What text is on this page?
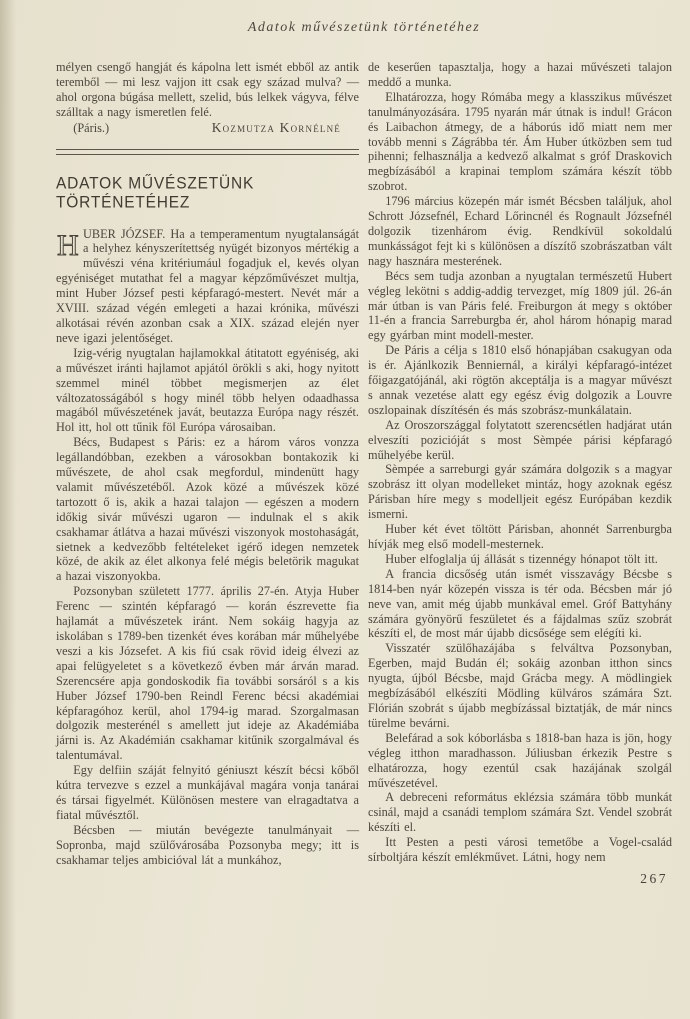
Adatok művészetünk történetéhez

mélyen csengő hangját és kápolna lett ismét ebből az antik teremből — mi lesz vajjon itt csak egy század mulva? — ahol orgona búgása mellett, szelid, bús lelkek vágyva, félve szálltak a nagy ismeretlen felé.

(Páris.)	Kozmutza Kornélné
ADATOK MŰVÉSZETÜNK TÖRTÉNETÉHEZ

H UBER JÓZSEF. Ha a temperamentum nyugtalanságát a helyhez kényszerítettség nyügét bizonyos mértékig a művészi véna kritériumául fogadjuk el, kevés olyan egyéniséget mutathat fel a magyar képzőművészet multja, mint Huber József pesti képfaragó-mestert. Nevét már a XVIII. század végén emlegeti a hazai krónika, művészi alkotásai révén azonban csak a XIX. század elején nyer neve igazi jelentőséget.

Izig-vérig nyugtalan hajlamokkal átitatott egyéniség, aki a művészet iránti hajlamot apjától örökli s aki, hogy nyitott szemmel minél többet megismerjen az élet változatosságából s hogy minél több helyen odaadhassa magából művészetének javát, beutazza Európa nagy részét. Hol itt, hol ott tűnik föl Európa városaiban.

Bécs, Budapest s Páris: ez a három város vonzza legállandóbban, ezekben a városokban bontakozik ki művészete, de ahol csak megfordul, mindenütt hagy valamit művészetéből. Azok közé a művészek közé tartozott ő is, akik a hazai talajon — egészen a modern időkig sivár művészi ugaron — indulnak el s akik csakhamar átlátva a hazai művészi viszonyok mostohaságát, sietnek a kedvezőbb feltételeket igérő idegen nemzetek közé, de akik az élet alkonya felé mégis beletörik magukat a hazai viszonyokba.

Pozsonyban született 1777. április 27-én. Atyja Huber Ferenc — szintén képfaragó — korán észrevette fia hajlamát a művészetek iránt. Nem sokáig hagyja az iskolában s 1789-ben tizenkét éves korában már műhelyébe veszi a kis Józsefet. A kis fiú csak rövid ideig élvezi az apai felügyeletet s a következő évben már árván marad. Szerencsére apja gondoskodik fia további sorsáról s a kis Huber József 1790-ben Reindl Ferenc bécsi akadémiai képfaragóhoz kerül, ahol 1794-ig marad. Szorgalmasan dolgozik mesterénél s amellett jut ideje az Akadémiába járni is. Az Akadémián csakhamar kitűnik szorgalmával és talentumával.

Egy delfiin száját felnyitó géniuszt készít bécsi kőből kútra tervezve s ezzel a munkájával magára vonja tanárai és társai figyelmét. Különösen mestere van elragadtatva a fiatal művésztől.

Bécsben — miután bevégezte tanulmányait — Sopronba, majd szülővárosába Pozsonyba megy; itt is csakhamar teljes ambicióval lát a munkához,

de keserűen tapasztalja, hogy a hazai művészeti talajon meddő a munka.

Elhatározza, hogy Rómába megy a klasszikus művészet tanulmányozására. 1795 nyarán már útnak is indul! Grácon és Laibachon átmegy, de a háborús idő miatt nem mer tovább menni s Zágrábba tér. Ám Huber útközben sem tud pihenni; felhasználja a kedvező alkalmat s gróf Draskovich megbízásából a krapinai templom számára készít több szobrot.

1796 március közepén már ismét Bécsben találjuk, ahol Schrott Józsefnél, Echard Lőrincnél és Rognault Józsefnél dolgozik tizenhárom évig. Rendkívül sokoldalú munkásságot fejt ki s különösen a díszítő szobrászatban vált nagy hasznára mesterének.

Bécs sem tudja azonban a nyugtalan természetű Hubert végleg lekötni s addig-addig tervezget, míg 1809 júl. 26-án már útban is van Páris felé. Freiburgon át megy s október 11-én a francia Sarreburgba ér, ahol három hónapig marad egy gyárban mint modell-mester.

De Páris a célja s 1810 első hónapjában csakugyan oda is ér. Ajánlkozik Benniernál, a királyi képfaragó-intézet főigazgatójánál, aki rögtön akceptálja is a magyar művészt s annak vezetése alatt egy egész évig dolgozik a Louvre oszlopainak díszítésén és más szobrász-munkálatain.

Az Oroszországgal folytatott szerencsétlen hadjárat után elveszíti pozicióját s most Sèmpée párisi képfaragó műhelyébe kerül.

Sèmpée a sarreburgi gyár számára dolgozik s a magyar szobrász itt olyan modelleket mintáz, hogy azoknak egész Párisban híre megy s modelljeit egész Európában kezdik ismerni.

Huber két évet töltött Párisban, ahonnét Sarrenburgba hívják meg első modell-mesternek.

Huber elfoglalja új állását s tizennégy hónapot tölt itt.

A francia dicsőség után ismét visszavágy Bécsbe s 1814-ben nyár közepén vissza is tér oda. Bécsben már jó neve van, amit még újabb munkával emel. Gróf Battyhány számára gyönyörű feszületet és a fájdalmas szűz szobrát készíti el, de most már újabb dicsősége sem elégíti ki.

Visszatér szülőhazájába s felváltva Pozsonyban, Egerben, majd Budán él; sokáig azonban itthon sincs nyugta, újból Bécsbe, majd Grácba megy. A mödlingiek megbízásából elkészíti Mödling külváros számára Szt. Flórián szobrát s újabb megbízással biztatják, de már nincs türelme bevárni.

Belefárad a sok kóborlásba s 1818-ban haza is jön, hogy végleg itthon maradhasson. Júliusban érkezik Pestre s elhatározza, hogy ezentúl csak hazájának szolgál művészetével.

A debreceni református eklézsia számára több munkát csinál, majd a csanádi templom számára Szt. Vendel szobrát készíti el.

Itt Pesten a pesti városi temetőbe a Vogel-család sírboltjára készít emlékművet. Látni, hogy nem

267
